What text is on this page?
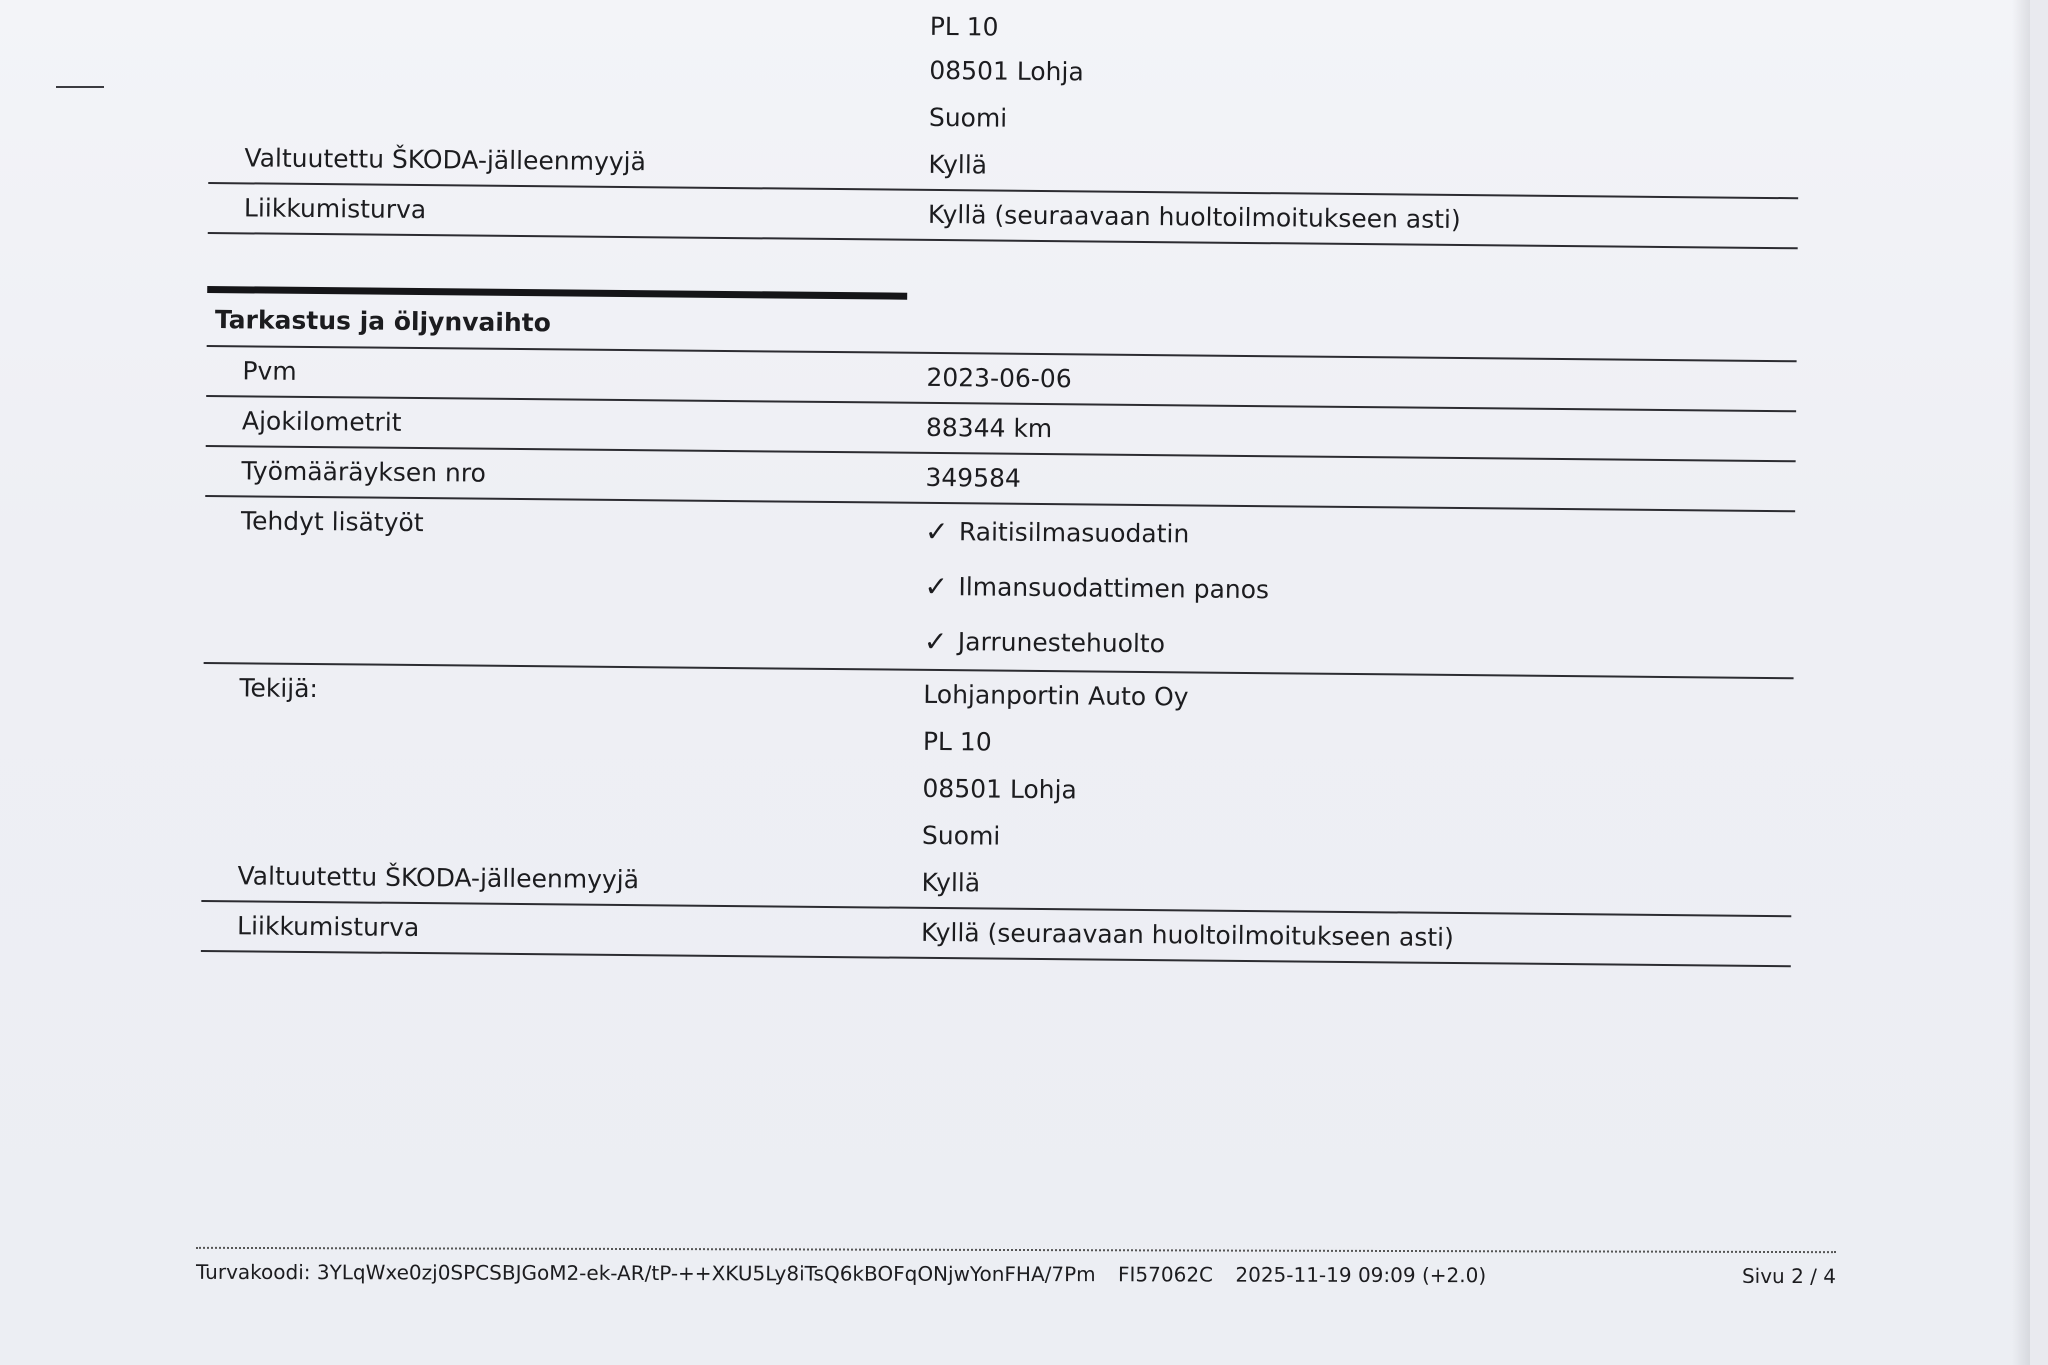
PL 10
08501 Lohja
Suomi
Valtuutettu ŠKODA-jälleenmyyjä	Kyllä
Liikkumisturva	Kyllä (seuraavaan huoltoilmoitukseen asti)
Tarkastus ja öljynvaihto
Pvm	2023-06-06
Ajokilometrit	88344 km
Työmääräyksen nro	349584
Tehdyt lisätyöt	✓ Raitisilmasuodatin
✓ Ilmansuodattimen panos
✓ Jarrunestehuolto
Tekijä:	Lohjanportin Auto Oy
PL 10
08501 Lohja
Suomi
Valtuutettu ŠKODA-jälleenmyyjä	Kyllä
Liikkumisturva	Kyllä (seuraavaan huoltoilmoitukseen asti)
Turvakoodi: 3YLqWxe0zj0SPCSBJGoM2-ek-AR/tP-++XKU5Ly8iTsQ6kBOFqONjwYonFHA/7Pm FI57062C 2025-11-19 09:09 (+2.0)	Sivu 2 / 4
